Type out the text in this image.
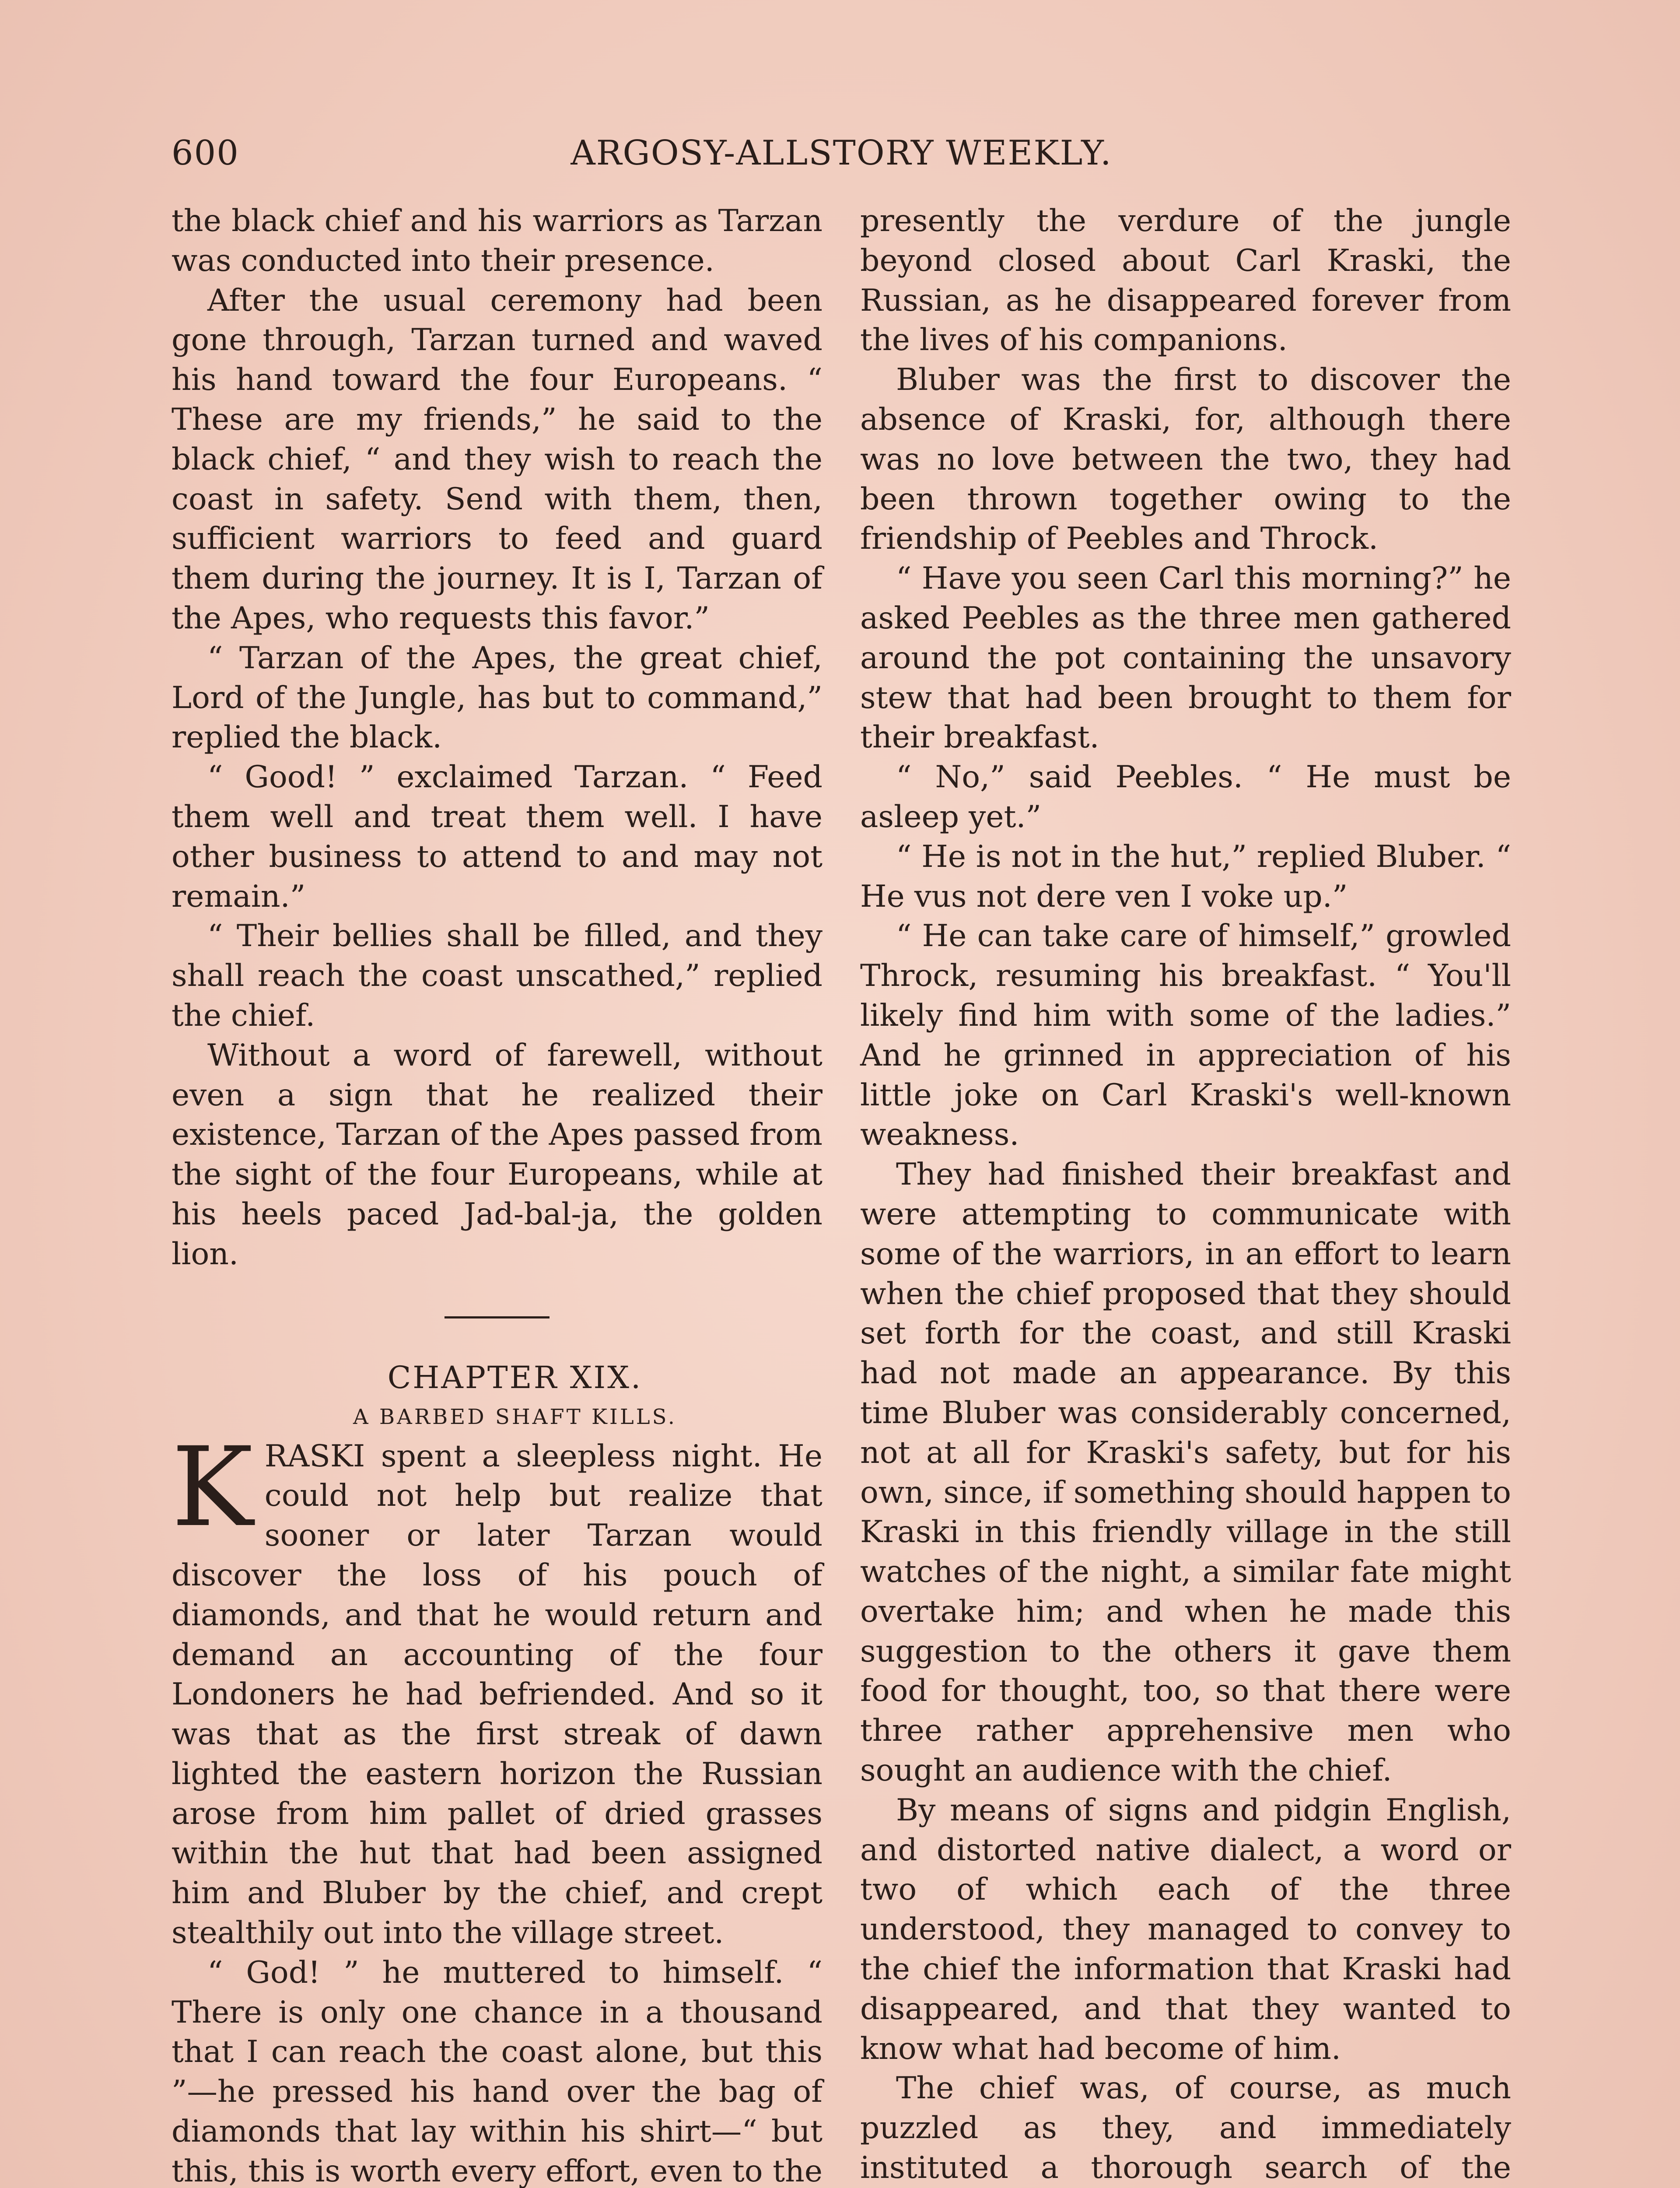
600	ARGOSY-ALLSTORY WEEKLY.

the black chief and his warriors as Tarzan was conducted into their presence.

After the usual ceremony had been gone through, Tarzan turned and waved his hand toward the four Europeans. “ These are my friends,” he said to the black chief, “ and they wish to reach the coast in safety. Send with them, then, sufficient warriors to feed and guard them during the journey. It is I, Tarzan of the Apes, who requests this favor.”

“ Tarzan of the Apes, the great chief, Lord of the Jungle, has but to command,” replied the black.

“ Good! ” exclaimed Tarzan. “ Feed them well and treat them well. I have other business to attend to and may not remain.”

“ Their bellies shall be filled, and they shall reach the coast unscathed,” replied the chief.

Without a word of farewell, without even a sign that he realized their existence, Tarzan of the Apes passed from the sight of the four Europeans, while at his heels paced Jad-bal-ja, the golden lion.

CHAPTER XIX.

A BARBED SHAFT KILLS.

KRASKI spent a sleepless night. He could not help but realize that sooner or later Tarzan would discover the loss of his pouch of diamonds, and that he would return and demand an accounting of the four Londoners he had befriended. And so it was that as the first streak of dawn lighted the eastern horizon the Russian arose from him pallet of dried grasses within the hut that had been assigned him and Bluber by the chief, and crept stealthily out into the village street.

“ God! ” he muttered to himself. “ There is only one chance in a thousand that I can reach the coast alone, but this ”—he pressed his hand over the bag of diamonds that lay within his shirt—“ but this, this is worth every effort, even to the

presently the verdure of the jungle beyond closed about Carl Kraski, the Russian, as he disappeared forever from the lives of his companions.

Bluber was the first to discover the absence of Kraski, for, although there was no love between the two, they had been thrown together owing to the friendship of Peebles and Throck.

“ Have you seen Carl this morning?” he asked Peebles as the three men gathered around the pot containing the unsavory stew that had been brought to them for their breakfast.

“ No,” said Peebles. “ He must be asleep yet.”

“ He is not in the hut,” replied Bluber. “ He vus not dere ven I voke up.”

“ He can take care of himself,” growled Throck, resuming his breakfast. “ You'll likely find him with some of the ladies.” And he grinned in appreciation of his little joke on Carl Kraski's well-known weakness.

They had finished their breakfast and were attempting to communicate with some of the warriors, in an effort to learn when the chief proposed that they should set forth for the coast, and still Kraski had not made an appearance. By this time Bluber was considerably concerned, not at all for Kraski's safety, but for his own, since, if something should happen to Kraski in this friendly village in the still watches of the night, a similar fate might overtake him; and when he made this suggestion to the others it gave them food for thought, too, so that there were three rather apprehensive men who sought an audience with the chief.

By means of signs and pidgin English, and distorted native dialect, a word or two of which each of the three understood, they managed to convey to the chief the information that Kraski had disappeared, and that they wanted to know what had become of him.

The chief was, of course, as much puzzled as they, and immediately instituted a thorough search of the
